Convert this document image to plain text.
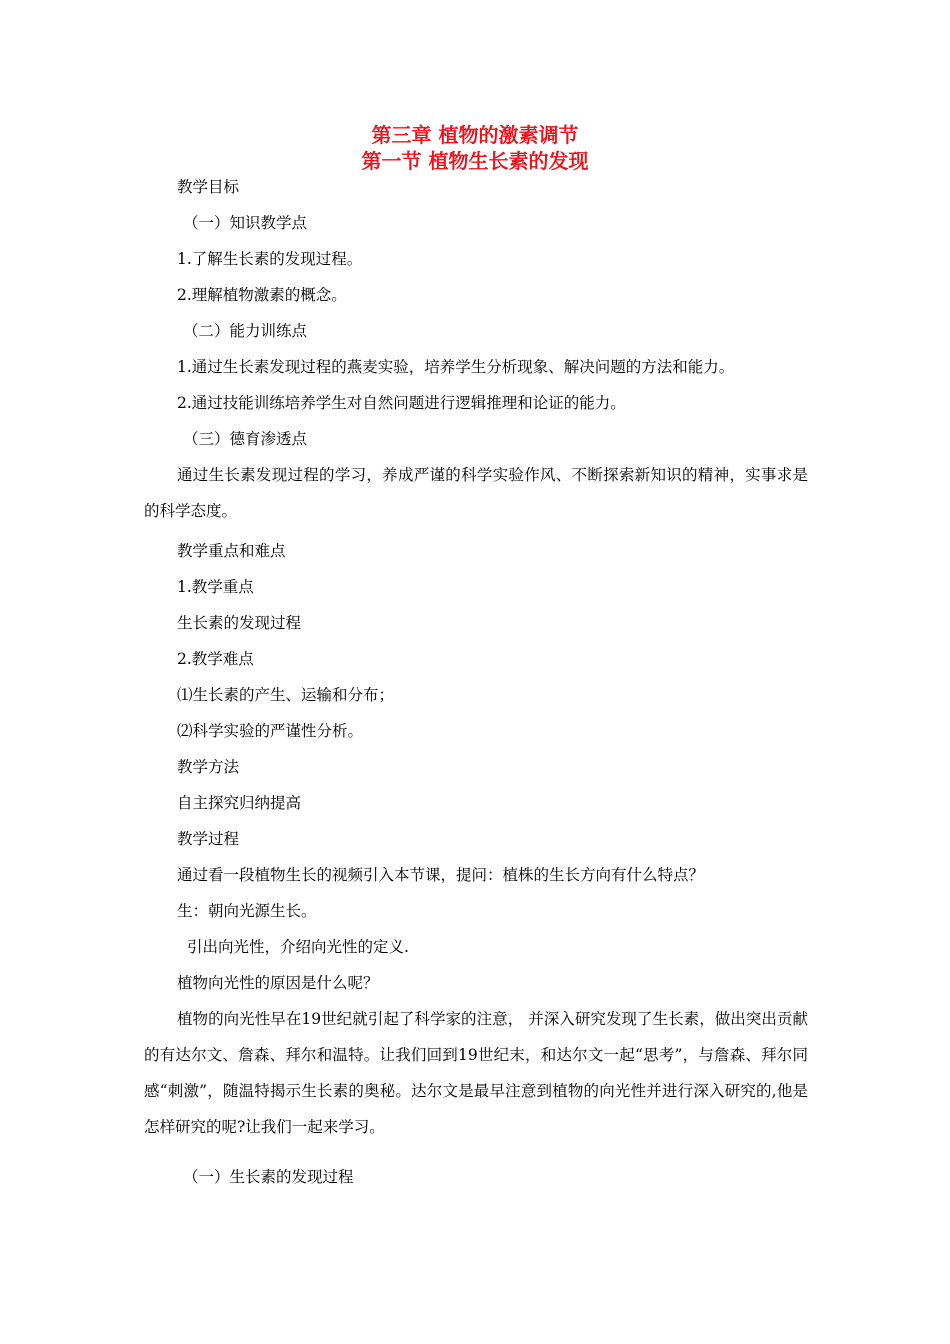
第三章 植物的激素调节
第一节 植物生长素的发现
教学目标
（一）知识教学点
1.了解生长素的发现过程。
2.理解植物激素的概念。
（二）能力训练点
1.通过生长素发现过程的燕麦实验，培养学生分析现象、解决问题的方法和能力。
2.通过技能训练培养学生对自然问题进行逻辑推理和论证的能力。
（三）德育渗透点
通过生长素发现过程的学习，养成严谨的科学实验作风、不断探索新知识的精神，实事求是的科学态度。
教学重点和难点
1.教学重点
生长素的发现过程
2.教学难点
⑴生长素的产生、运输和分布；
⑵科学实验的严谨性分析。
教学方法
自主探究归纳提高
教学过程
通过看一段植物生长的视频引入本节课，提问：植株的生长方向有什么特点？
生：朝向光源生长。
引出向光性，介绍向光性的定义.
植物向光性的原因是什么呢？
植物的向光性早在19世纪就引起了科学家的注意， 并深入研究发现了生长素，做出突出贡献的有达尔文、詹森、拜尔和温特。让我们回到19世纪末，和达尔文一起“思考”，与詹森、拜尔同感“刺激”，随温特揭示生长素的奥秘。达尔文是最早注意到植物的向光性并进行深入研究的,他是怎样研究的呢?让我们一起来学习。
（一）生长素的发现过程
